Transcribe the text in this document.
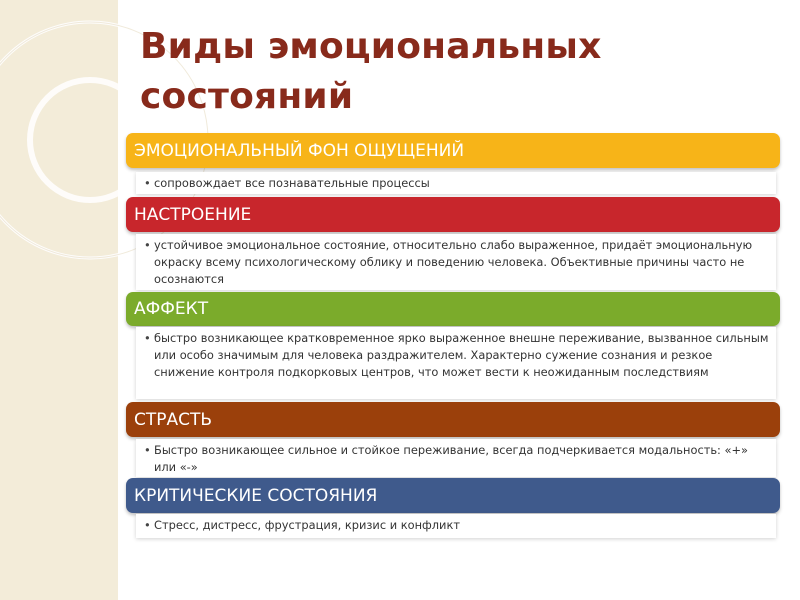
Виды эмоциональных
состояний
ЭМОЦИОНАЛЬНЫЙ ФОН ОЩУЩЕНИЙ
• сопровождает все познавательные процессы
НАСТРОЕНИЕ
• устойчивое эмоциональное состояние, относительно слабо выраженное, придаёт эмоциональную окраску всему психологическому облику и поведению человека. Объективные причины часто не осознаются
АФФЕКТ
• быстро возникающее кратковременное ярко выраженное внешне переживание, вызванное сильным или особо значимым для человека раздражителем. Характерно сужение сознания и резкое снижение контроля подкорковых центров, что может вести к неожиданным последствиям
СТРАСТЬ
• Быстро возникающее сильное и стойкое переживание, всегда подчеркивается модальность: «+» или «-»
КРИТИЧЕСКИЕ СОСТОЯНИЯ
• Стресс, дистресс, фрустрация, кризис и конфликт
